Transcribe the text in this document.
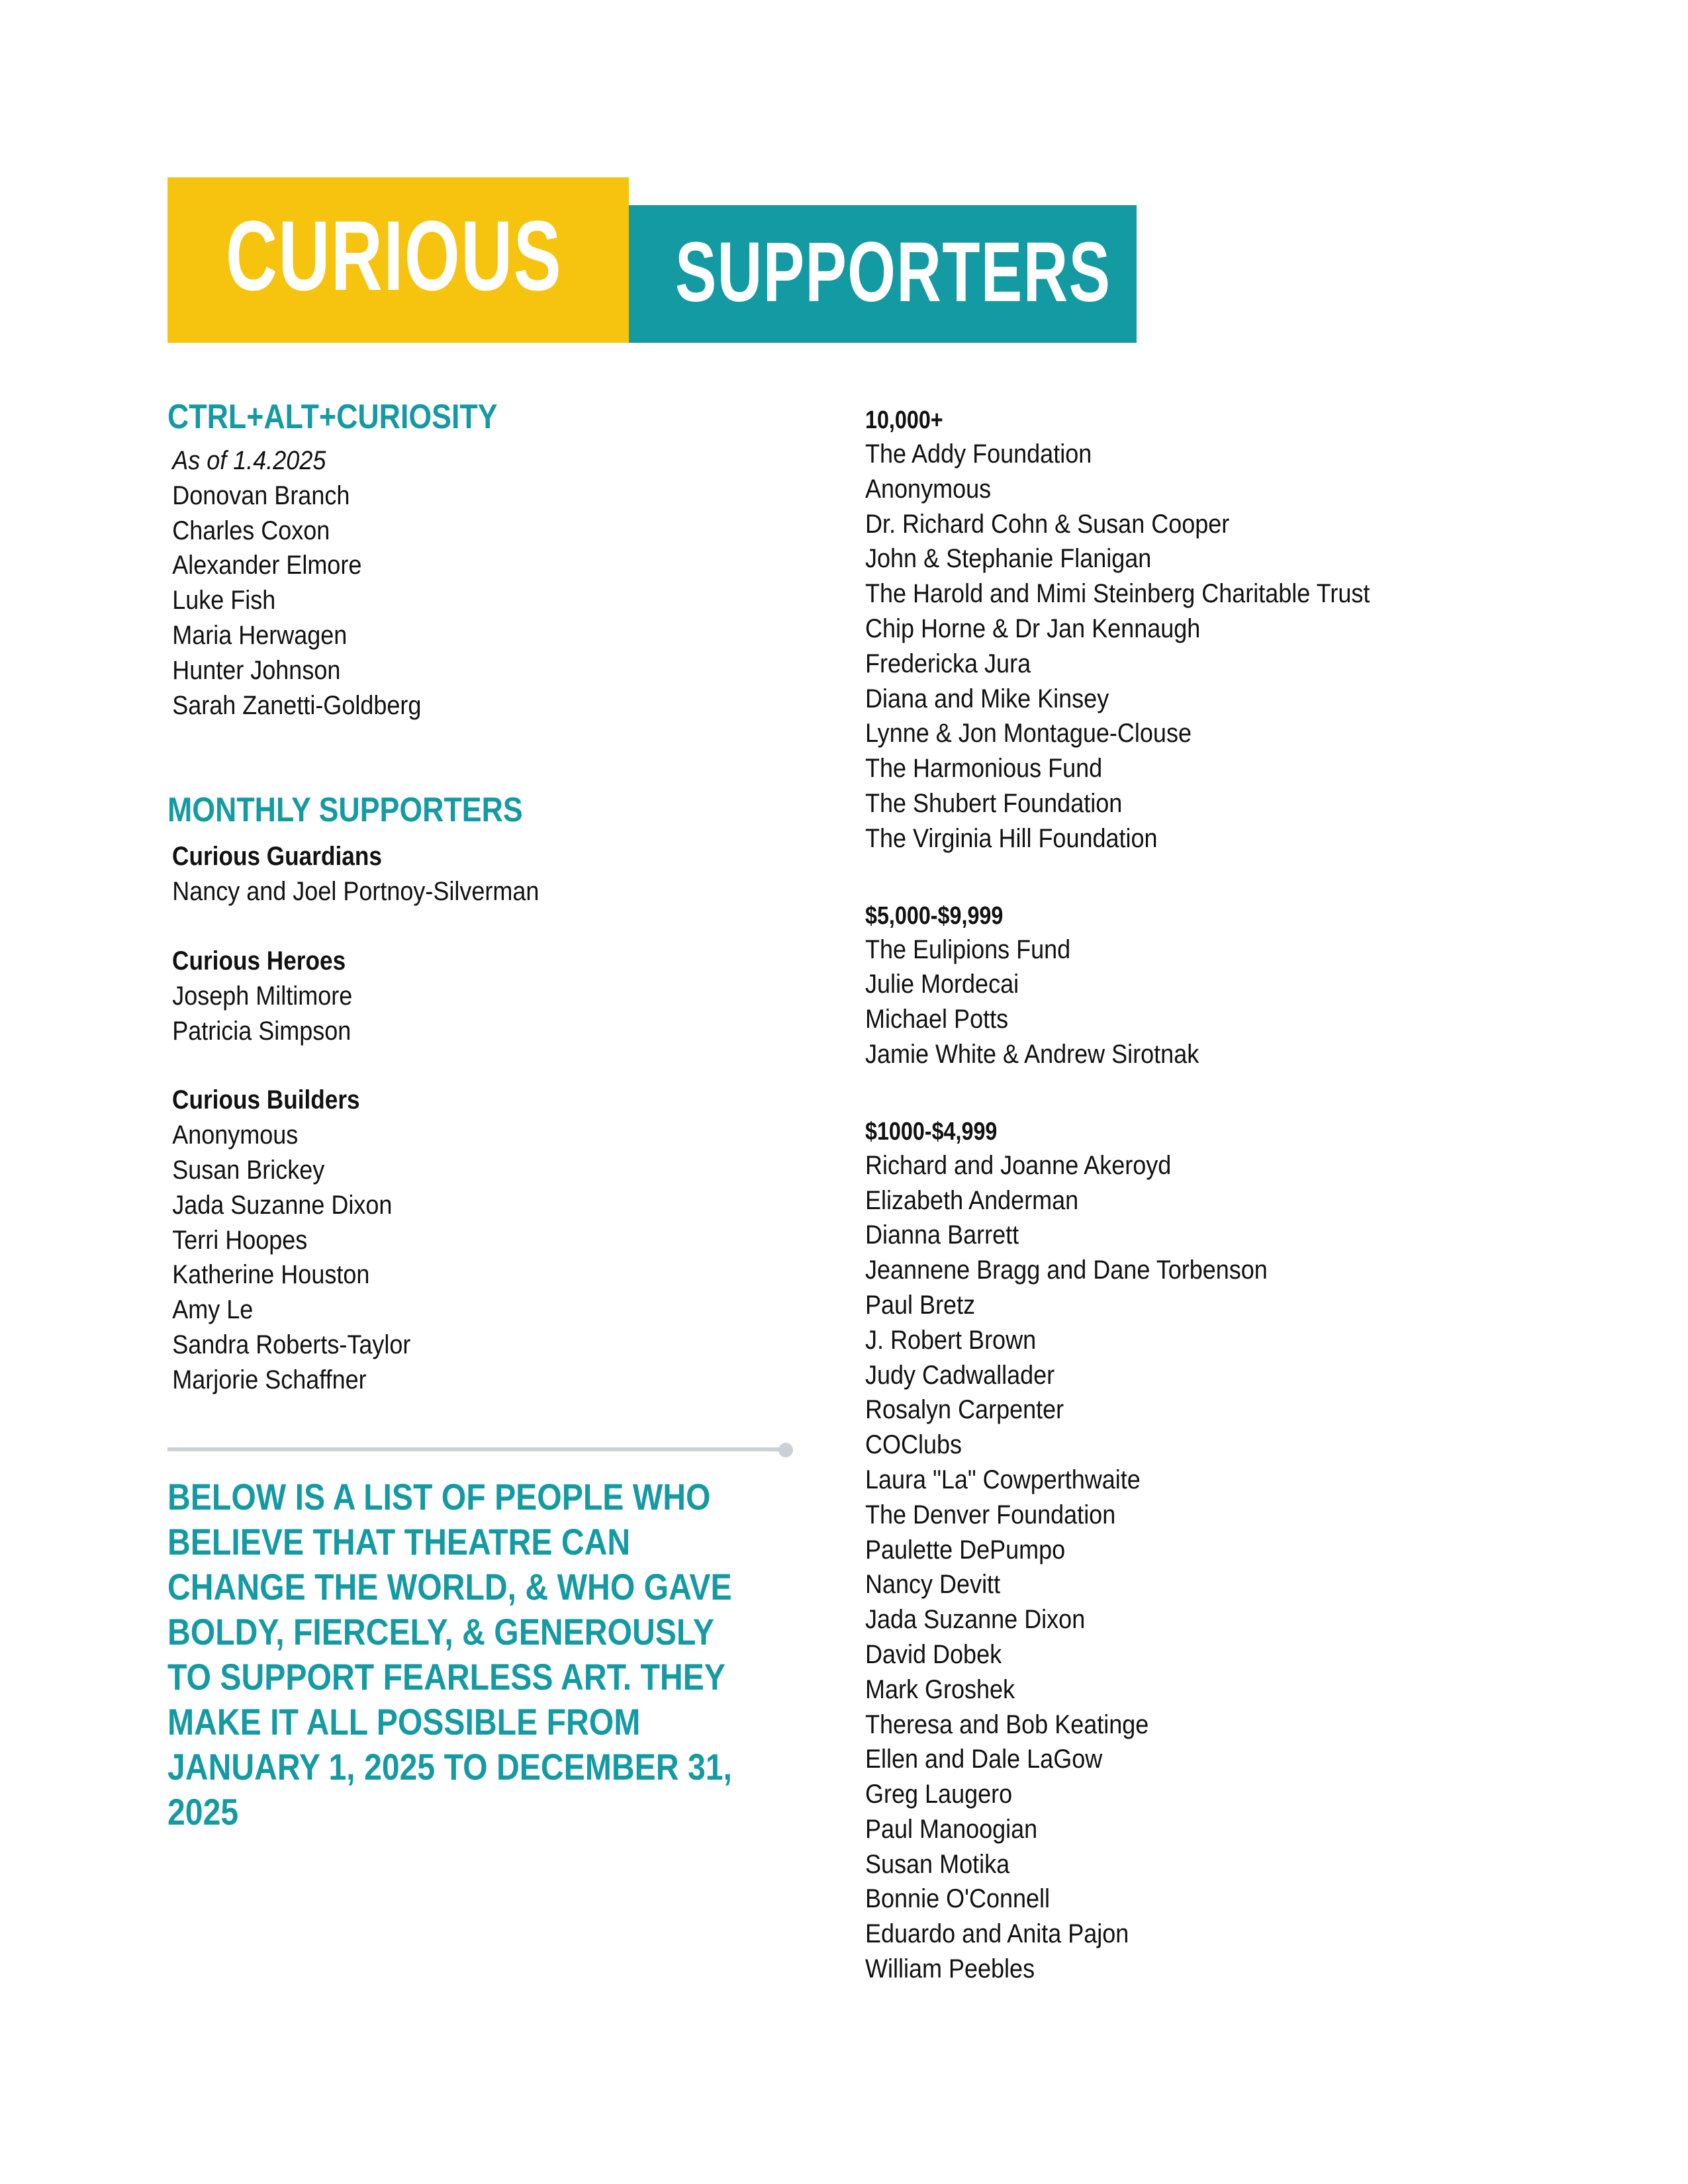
CURIOUS SUPPORTERS
CTRL+ALT+CURIOSITY
As of 1.4.2025
Donovan Branch
Charles Coxon
Alexander Elmore
Luke Fish
Maria Herwagen
Hunter Johnson
Sarah Zanetti-Goldberg
MONTHLY SUPPORTERS
Curious Guardians
Nancy and Joel Portnoy-Silverman
Curious Heroes
Joseph Miltimore
Patricia Simpson
Curious Builders
Anonymous
Susan Brickey
Jada Suzanne Dixon
Terri Hoopes
Katherine Houston
Amy Le
Sandra Roberts-Taylor
Marjorie Schaffner
BELOW IS A LIST OF PEOPLE WHO BELIEVE THAT THEATRE CAN CHANGE THE WORLD, & WHO GAVE BOLDY, FIERCELY, & GENEROUSLY TO SUPPORT FEARLESS ART. THEY MAKE IT ALL POSSIBLE FROM JANUARY 1, 2025 TO DECEMBER 31, 2025
10,000+
The Addy Foundation
Anonymous
Dr. Richard Cohn & Susan Cooper
John & Stephanie Flanigan
The Harold and Mimi Steinberg Charitable Trust
Chip Horne & Dr Jan Kennaugh
Fredericka Jura
Diana and Mike Kinsey
Lynne & Jon Montague-Clouse
The Harmonious Fund
The Shubert Foundation
The Virginia Hill Foundation
$5,000-$9,999
The Eulipions Fund
Julie Mordecai
Michael Potts
Jamie White & Andrew Sirotnak
$1000-$4,999
Richard and Joanne Akeroyd
Elizabeth Anderman
Dianna Barrett
Jeannene Bragg and Dane Torbenson
Paul Bretz
J. Robert Brown
Judy Cadwallader
Rosalyn Carpenter
COClubs
Laura "La" Cowperthwaite
The Denver Foundation
Paulette DePumpo
Nancy Devitt
Jada Suzanne Dixon
David Dobek
Mark Groshek
Theresa and Bob Keatinge
Ellen and Dale LaGow
Greg Laugero
Paul Manoogian
Susan Motika
Bonnie O'Connell
Eduardo and Anita Pajon
William Peebles
